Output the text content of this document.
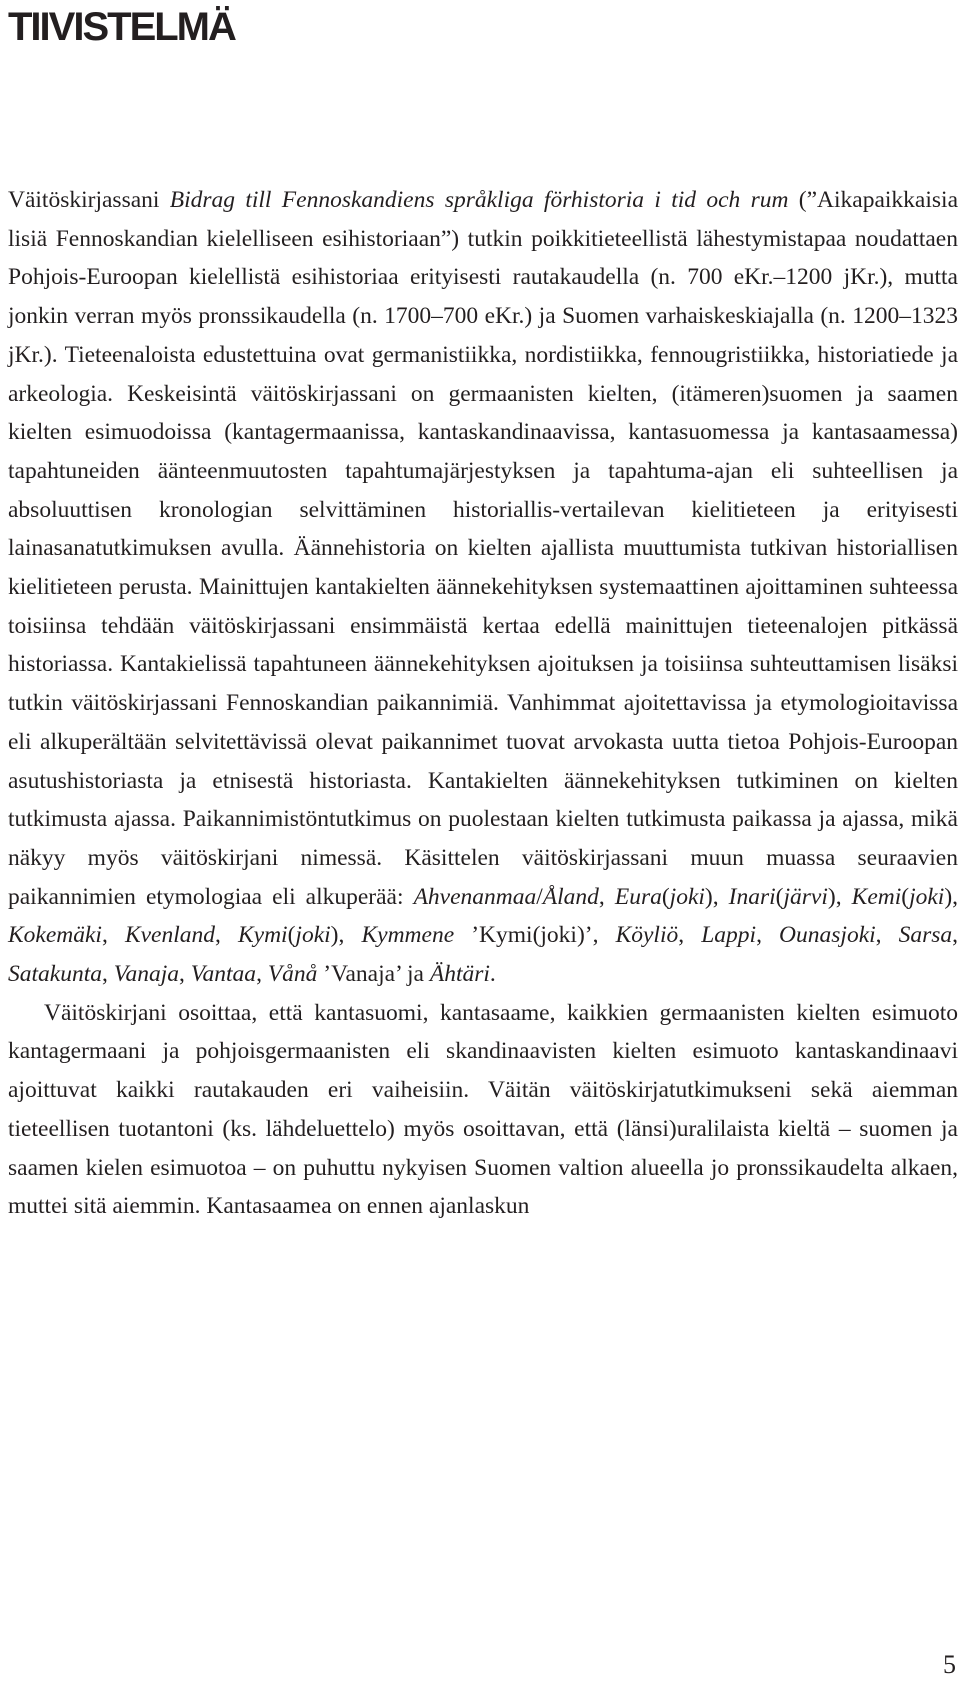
TIIVISTELMÄ

Väitöskirjassani Bidrag till Fennoskandiens språkliga förhistoria i tid och rum (”Aikapaikkaisia lisiä Fennoskandian kielelliseen esihistoriaan”) tutkin poikkitieteellistä lähestymistapaa noudattaen Pohjois-Euroopan kielellistä esihistoriaa erityisesti rautakaudella (n. 700 eKr.–1200 jKr.), mutta jonkin verran myös pronssikaudella (n. 1700–700 eKr.) ja Suomen varhaiskeskiajalla (n. 1200–1323 jKr.). Tieteenaloista edustettuina ovat germanistiikka, nordistiikka, fennougristiikka, historiatiede ja arkeologia. Keskeisintä väitöskirjassani on germaanisten kielten, (itämeren)suomen ja saamen kielten esimuodoissa (kantagermaanissa, kantaskandinaavissa, kantasuomessa ja kantasaamessa) tapahtuneiden äänteenmuutosten tapahtumajärjestyksen ja tapahtuma-ajan eli suhteellisen ja absoluuttisen kronologian selvittäminen historiallis-vertailevan kielitieteen ja erityisesti lainasanatutkimuksen avulla. Äännehistoria on kielten ajallista muuttumista tutkivan historiallisen kielitieteen perusta. Mainittujen kantakielten äännekehityksen systemaattinen ajoittaminen suhteessa toisiinsa tehdään väitöskirjassani ensimmäistä kertaa edellä mainittujen tieteenalojen pitkässä historiassa. Kantakielissä tapahtuneen äännekehityksen ajoituksen ja toisiinsa suhteuttamisen lisäksi tutkin väitöskirjassani Fennoskandian paikannimiä. Vanhimmat ajoitettavissa ja etymologioitavissa eli alkuperältään selvitettävissä olevat paikannimet tuovat arvokasta uutta tietoa Pohjois-Euroopan asutushistoriasta ja etnisestä historiasta. Kantakielten äännekehityksen tutkiminen on kielten tutkimusta ajassa. Paikannimistöntutkimus on puolestaan kielten tutkimusta paikassa ja ajassa, mikä näkyy myös väitöskirjani nimessä. Käsittelen väitöskirjassani muun muassa seuraavien paikannimien etymologiaa eli alkuperää: Ahvenanmaa/Åland, Eura(joki), Inari(järvi), Kemi(joki), Kokemäki, Kvenland, Kymi(joki), Kymmene ’Kymi(joki)’, Köyliö, Lappi, Ounasjoki, Sarsa, Satakunta, Vanaja, Vantaa, Vånå ’Vanaja’ ja Ähtäri.

Väitöskirjani osoittaa, että kantasuomi, kantasaame, kaikkien germaanisten kielten esimuoto kantagermaani ja pohjoisgermaanisten eli skandinaavisten kielten esimuoto kantaskandinaavi ajoittuvat kaikki rautakauden eri vaiheisiin. Väitän väitöskirjatutkimukseni sekä aiemman tieteellisen tuotantoni (ks. lähdeluettelo) myös osoittavan, että (länsi)uralilaista kieltä – suomen ja saamen kielen esimuotoa – on puhuttu nykyisen Suomen valtion alueella jo pronssikaudelta alkaen, muttei sitä aiemmin. Kantasaamea on ennen ajanlaskun

5
